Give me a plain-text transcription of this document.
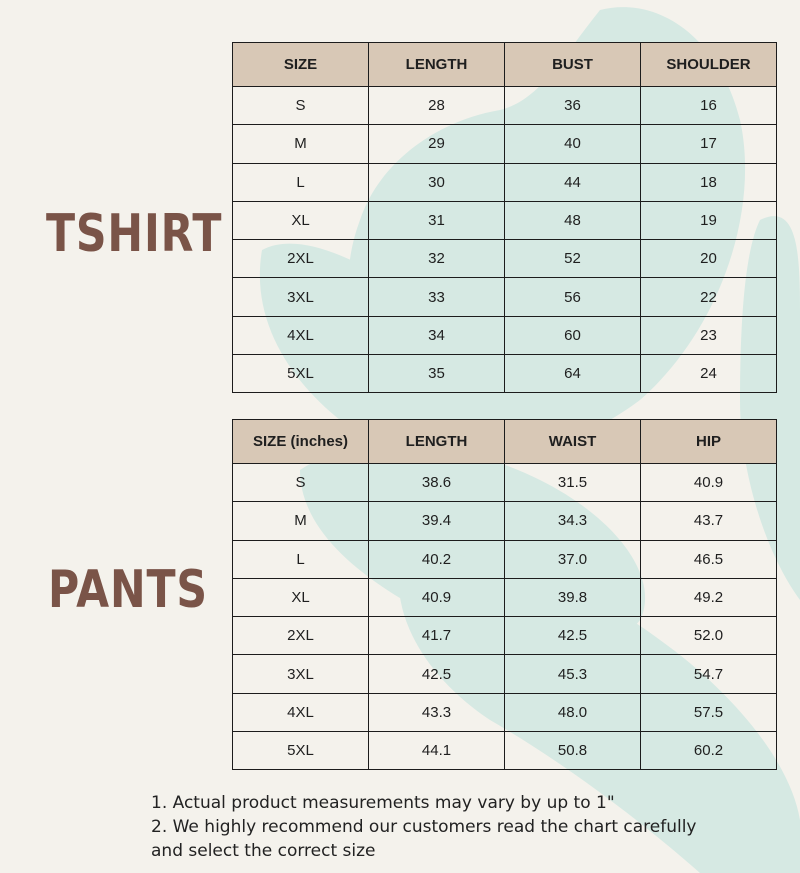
TSHIRT
SIZE	LENGTH	BUST	SHOULDER
S	28	36	16
M	29	40	17
L	30	44	18
XL	31	48	19
2XL	32	52	20
3XL	33	56	22
4XL	34	60	23
5XL	35	64	24
PANTS
SIZE (inches)	LENGTH	WAIST	HIP
S	38.6	31.5	40.9
M	39.4	34.3	43.7
L	40.2	37.0	46.5
XL	40.9	39.8	49.2
2XL	41.7	42.5	52.0
3XL	42.5	45.3	54.7
4XL	43.3	48.0	57.5
5XL	44.1	50.8	60.2
1. Actual product measurements may vary by up to 1"
2. We highly recommend our customers read the chart carefully
and select the correct size
